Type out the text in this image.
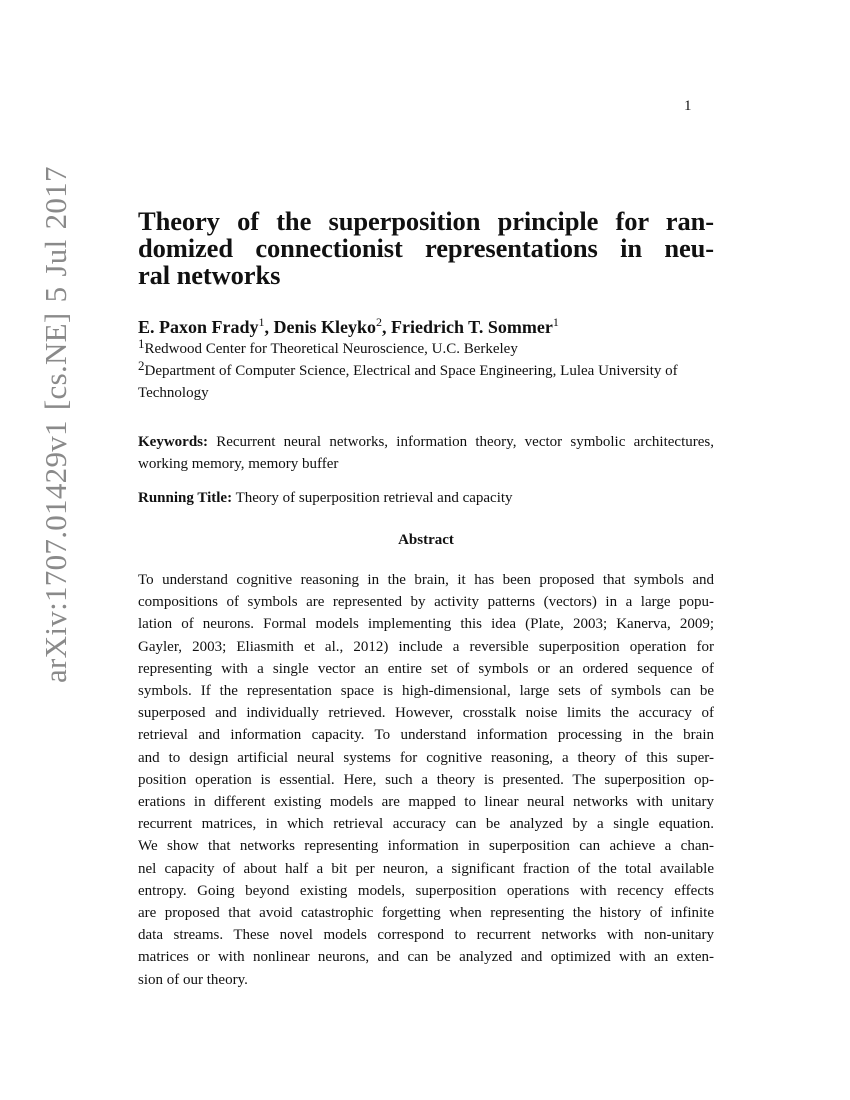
1
arXiv:1707.01429v1 [cs.NE] 5 Jul 2017 Theory of the superposition principle for ran-
domized connectionist representations in neu-
ral networks
E. Paxon Frady$^1$, Denis Kleyko$^2$, Friedrich T. Sommer$^1$
$^1$Redwood Center for Theoretical Neuroscience, U.C. Berkeley
$^2$Department of Computer Science, Electrical and Space Engineering, Lulea University of Technology
Keywords: Recurrent neural networks, information theory, vector symbolic architectures, working memory, memory buffer
Running Title: Theory of superposition retrieval and capacity
Abstract
To understand cognitive reasoning in the brain, it has been proposed that symbols and
compositions of symbols are represented by activity patterns (vectors) in a large popu-
lation of neurons. Formal models implementing this idea (Plate, 2003; Kanerva, 2009;
Gayler, 2003; Eliasmith et al., 2012) include a reversible superposition operation for
representing with a single vector an entire set of symbols or an ordered sequence of
symbols. If the representation space is high-dimensional, large sets of symbols can be
superposed and individually retrieved. However, crosstalk noise limits the accuracy of
retrieval and information capacity. To understand information processing in the brain
and to design artificial neural systems for cognitive reasoning, a theory of this super-
position operation is essential. Here, such a theory is presented. The superposition op-
erations in different existing models are mapped to linear neural networks with unitary
recurrent matrices, in which retrieval accuracy can be analyzed by a single equation.
We show that networks representing information in superposition can achieve a chan-
nel capacity of about half a bit per neuron, a significant fraction of the total available
entropy. Going beyond existing models, superposition operations with recency effects
are proposed that avoid catastrophic forgetting when representing the history of infinite
data streams. These novel models correspond to recurrent networks with non-unitary
matrices or with nonlinear neurons, and can be analyzed and optimized with an exten-
sion of our theory.
